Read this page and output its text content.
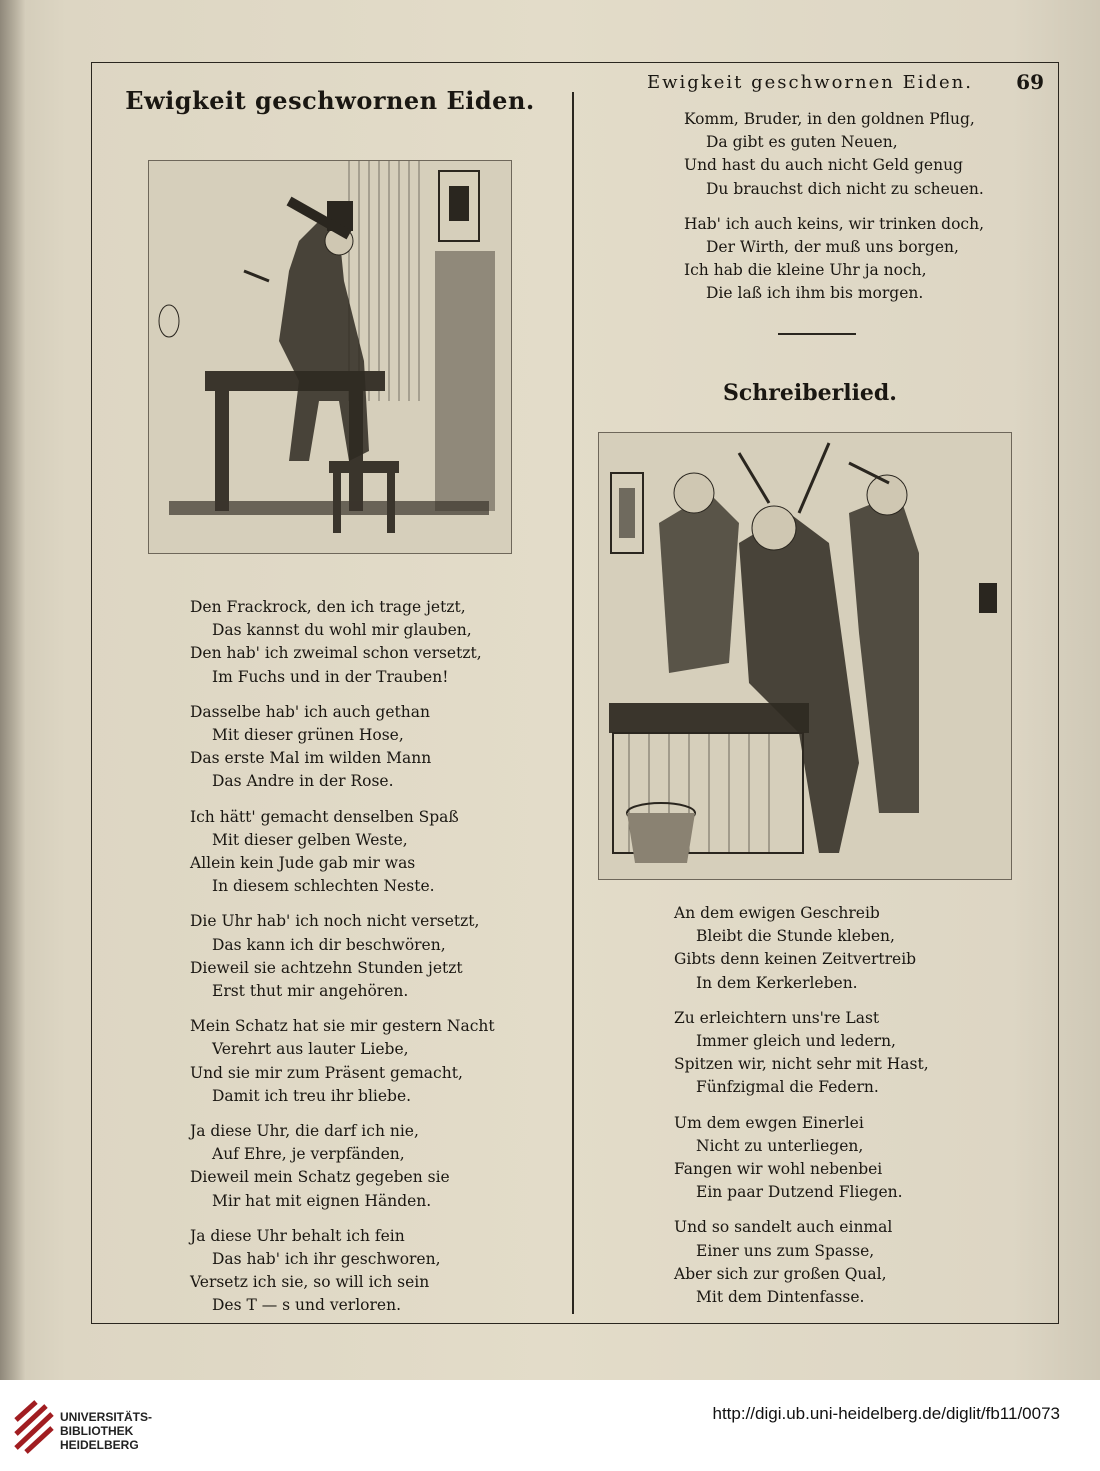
Ewigkeit geschwornen Eiden.
Ewigkeit geschwornen Eiden.	69
Den Frackrock, den ich trage jetzt,
Das kannst du wohl mir glauben,
Den hab' ich zweimal schon versetzt,
Im Fuchs und in der Trauben!
Dasselbe hab' ich auch gethan
Mit dieser grünen Hose,
Das erste Mal im wilden Mann
Das Andre in der Rose.
Ich hätt' gemacht denselben Spaß
Mit dieser gelben Weste,
Allein kein Jude gab mir was
In diesem schlechten Neste.
Die Uhr hab' ich noch nicht versetzt,
Das kann ich dir beschwören,
Dieweil sie achtzehn Stunden jetzt
Erst thut mir angehören.
Mein Schatz hat sie mir gestern Nacht
Verehrt aus lauter Liebe,
Und sie mir zum Präsent gemacht,
Damit ich treu ihr bliebe.
Ja diese Uhr, die darf ich nie,
Auf Ehre, je verpfänden,
Dieweil mein Schatz gegeben sie
Mir hat mit eignen Händen.
Ja diese Uhr behalt ich fein
Das hab' ich ihr geschworen,
Versetz ich sie, so will ich sein
Des T — s und verloren.
Komm, Bruder, in den goldnen Pflug,
Da gibt es guten Neuen,
Und hast du auch nicht Geld genug
Du brauchst dich nicht zu scheuen.
Hab' ich auch keins, wir trinken doch,
Der Wirth, der muß uns borgen,
Ich hab die kleine Uhr ja noch,
Die laß ich ihm bis morgen.
Schreiberlied.
An dem ewigen Geschreib
Bleibt die Stunde kleben,
Gibts denn keinen Zeitvertreib
In dem Kerkerleben.
Zu erleichtern uns're Last
Immer gleich und ledern,
Spitzen wir, nicht sehr mit Hast,
Fünfzigmal die Federn.
Um dem ewgen Einerlei
Nicht zu unterliegen,
Fangen wir wohl nebenbei
Ein paar Dutzend Fliegen.
Und so sandelt auch einmal
Einer uns zum Spasse,
Aber sich zur großen Qual,
Mit dem Dintenfasse.
UNIVERSITÄTS-
BIBLIOTHEK
HEIDELBERG
http://digi.ub.uni-heidelberg.de/diglit/fb11/0073
